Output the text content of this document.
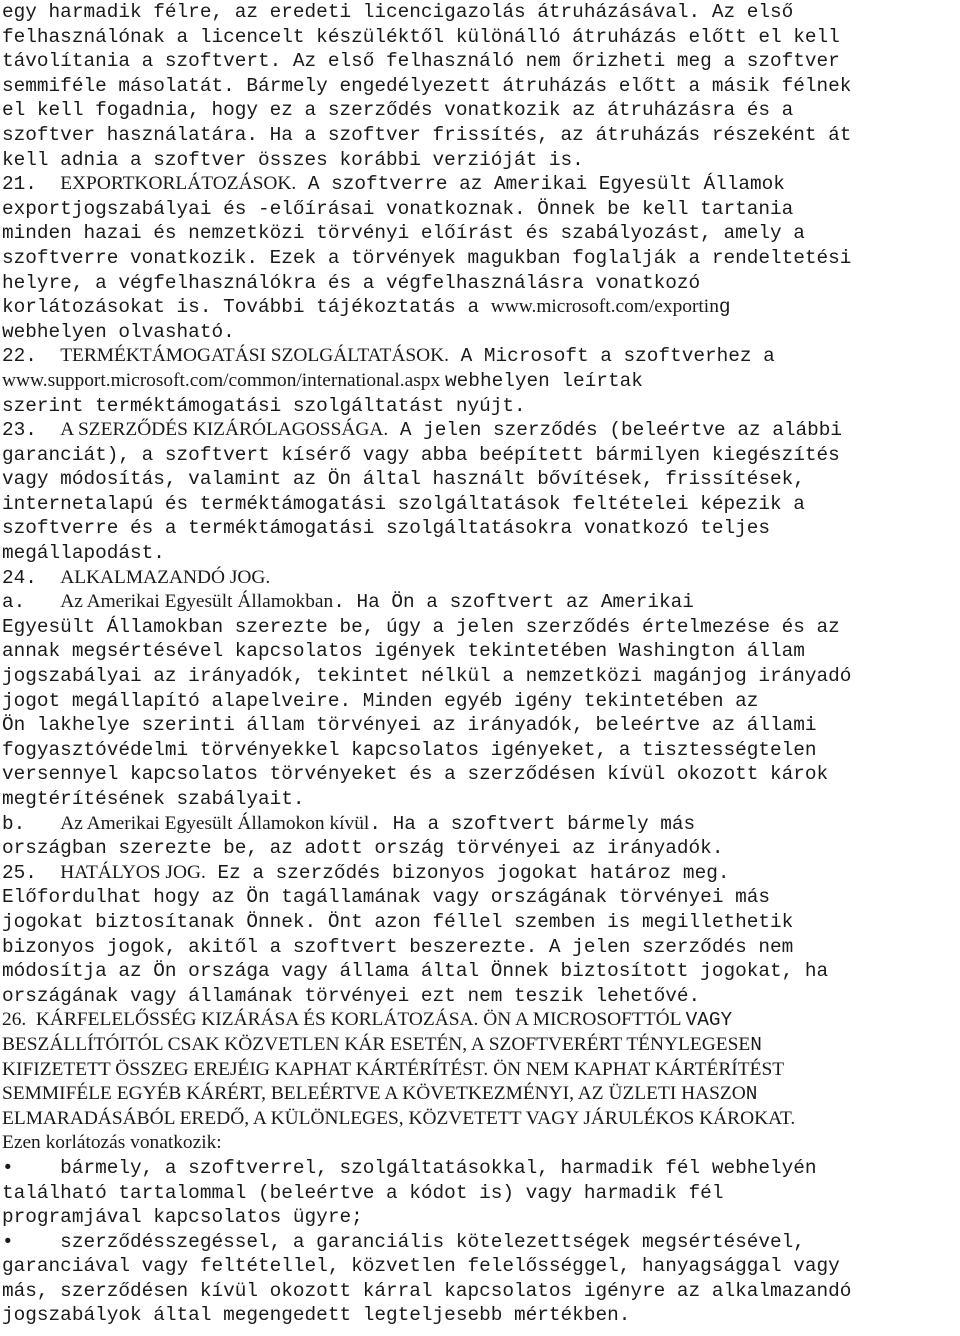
egy harmadik félre, az eredeti licencigazolás átruházásával. Az első
felhasználónak a licencelt készüléktől különálló átruházás előtt el kell
távolítania a szoftvert. Az első felhasználó nem őrizheti meg a szoftver
semmiféle másolatát. Bármely engedélyezett átruházás előtt a másik félnek
el kell fogadnia, hogy ez a szerződés vonatkozik az átruházásra és a
szoftver használatára. Ha a szoftver frissítés, az átruházás részeként át
kell adnia a szoftver összes korábbi verzióját is.
21.  EXPORTKORLÁTOZÁSOK. A szoftverre az Amerikai Egyesült Államok
exportjogszabályai és -előírásai vonatkoznak. Önnek be kell tartania
minden hazai és nemzetközi törvényi előírást és szabályozást, amely a
szoftverre vonatkozik. Ezek a törvények magukban foglalják a rendeltetési
helyre, a végfelhasználókra és a végfelhasználásra vonatkozó
korlátozásokat is. További tájékoztatás a www.microsoft.com/exporting
webhelyen olvasható.
22.  TERMÉKTÁMOGATÁSI SZOLGÁLTATÁSOK. A Microsoft a szoftverhez a
www.support.microsoft.com/common/international.aspx webhelyen leírtak
szerint terméktámogatási szolgáltatást nyújt.
23.  A SZERZŐDÉS KIZÁRÓLAGOSSÁGA. A jelen szerződés (beleértve az alábbi
garanciát), a szoftvert kísérő vagy abba beépített bármilyen kiegészítés
vagy módosítás, valamint az Ön által használt bővítések, frissítések,
internetalapú és terméktámogatási szolgáltatások feltételei képezik a
szoftverre és a terméktámogatási szolgáltatásokra vonatkozó teljes
megállapodást.
24.  ALKALMAZANDÓ JOG.
a.   Az Amerikai Egyesült Államokban. Ha Ön a szoftvert az Amerikai
Egyesült Államokban szerezte be, úgy a jelen szerződés értelmezése és az
annak megsértésével kapcsolatos igények tekintetében Washington állam
jogszabályai az irányadók, tekintet nélkül a nemzetközi magánjog irányadó
jogot megállapító alapelveire. Minden egyéb igény tekintetében az
Ön lakhelye szerinti állam törvényei az irányadók, beleértve az állami
fogyasztóvédelmi törvényekkel kapcsolatos igényeket, a tisztességtelen
versennyel kapcsolatos törvényeket és a szerződésen kívül okozott károk
megtérítésének szabályait.
b.   Az Amerikai Egyesült Államokon kívül. Ha a szoftvert bármely más
országban szerezte be, az adott ország törvényei az irányadók.
25.  HATÁLYOS JOG. Ez a szerződés bizonyos jogokat határoz meg.
Előfordulhat hogy az Ön tagállamának vagy országának törvényei más
jogokat biztosítanak Önnek. Önt azon féllel szemben is megillethetik
bizonyos jogok, akitől a szoftvert beszerezte. A jelen szerződés nem
módosítja az Ön országa vagy állama által Önnek biztosított jogokat, ha
országának vagy államának törvényei ezt nem teszik lehetővé.
26.  KÁRFELELŐSSÉG KIZÁRÁSA ÉS KORLÁTOZÁSA. ÖN A MICROSOFTTÓL VAGY
BESZÁLLÍTÓITÓL CSAK KÖZVETLEN KÁR ESETÉN, A SZOFTVERÉRT TÉNYLEGESEN
KIFIZETETT ÖSSZEG EREJÉIG KAPHAT KÁRTÉRÍTÉST. ÖN NEM KAPHAT KÁRTÉRÍTÉST
SEMMIFÉLE EGYÉB KÁRÉRT, BELEÉRTVE A KÖVETKEZMÉNYI, AZ ÜZLETI HASZON
ELMARADÁSÁBÓL EREDŐ, A KÜLÖNLEGES, KÖZVETETT VAGY JÁRULÉKOS KÁROKAT.
Ezen korlátozás vonatkozik:
•    bármely, a szoftverrel, szolgáltatásokkal, harmadik fél webhelyén
található tartalommal (beleértve a kódot is) vagy harmadik fél
programjával kapcsolatos ügyre;
•    szerződésszegéssel, a garanciális kötelezettségek megsértésével,
garanciával vagy feltétellel, közvetlen felelősséggel, hanyagsággal vagy
más, szerződésen kívül okozott kárral kapcsolatos igényre az alkalmazandó
jogszabályok által megengedett legteljesebb mértékben.
